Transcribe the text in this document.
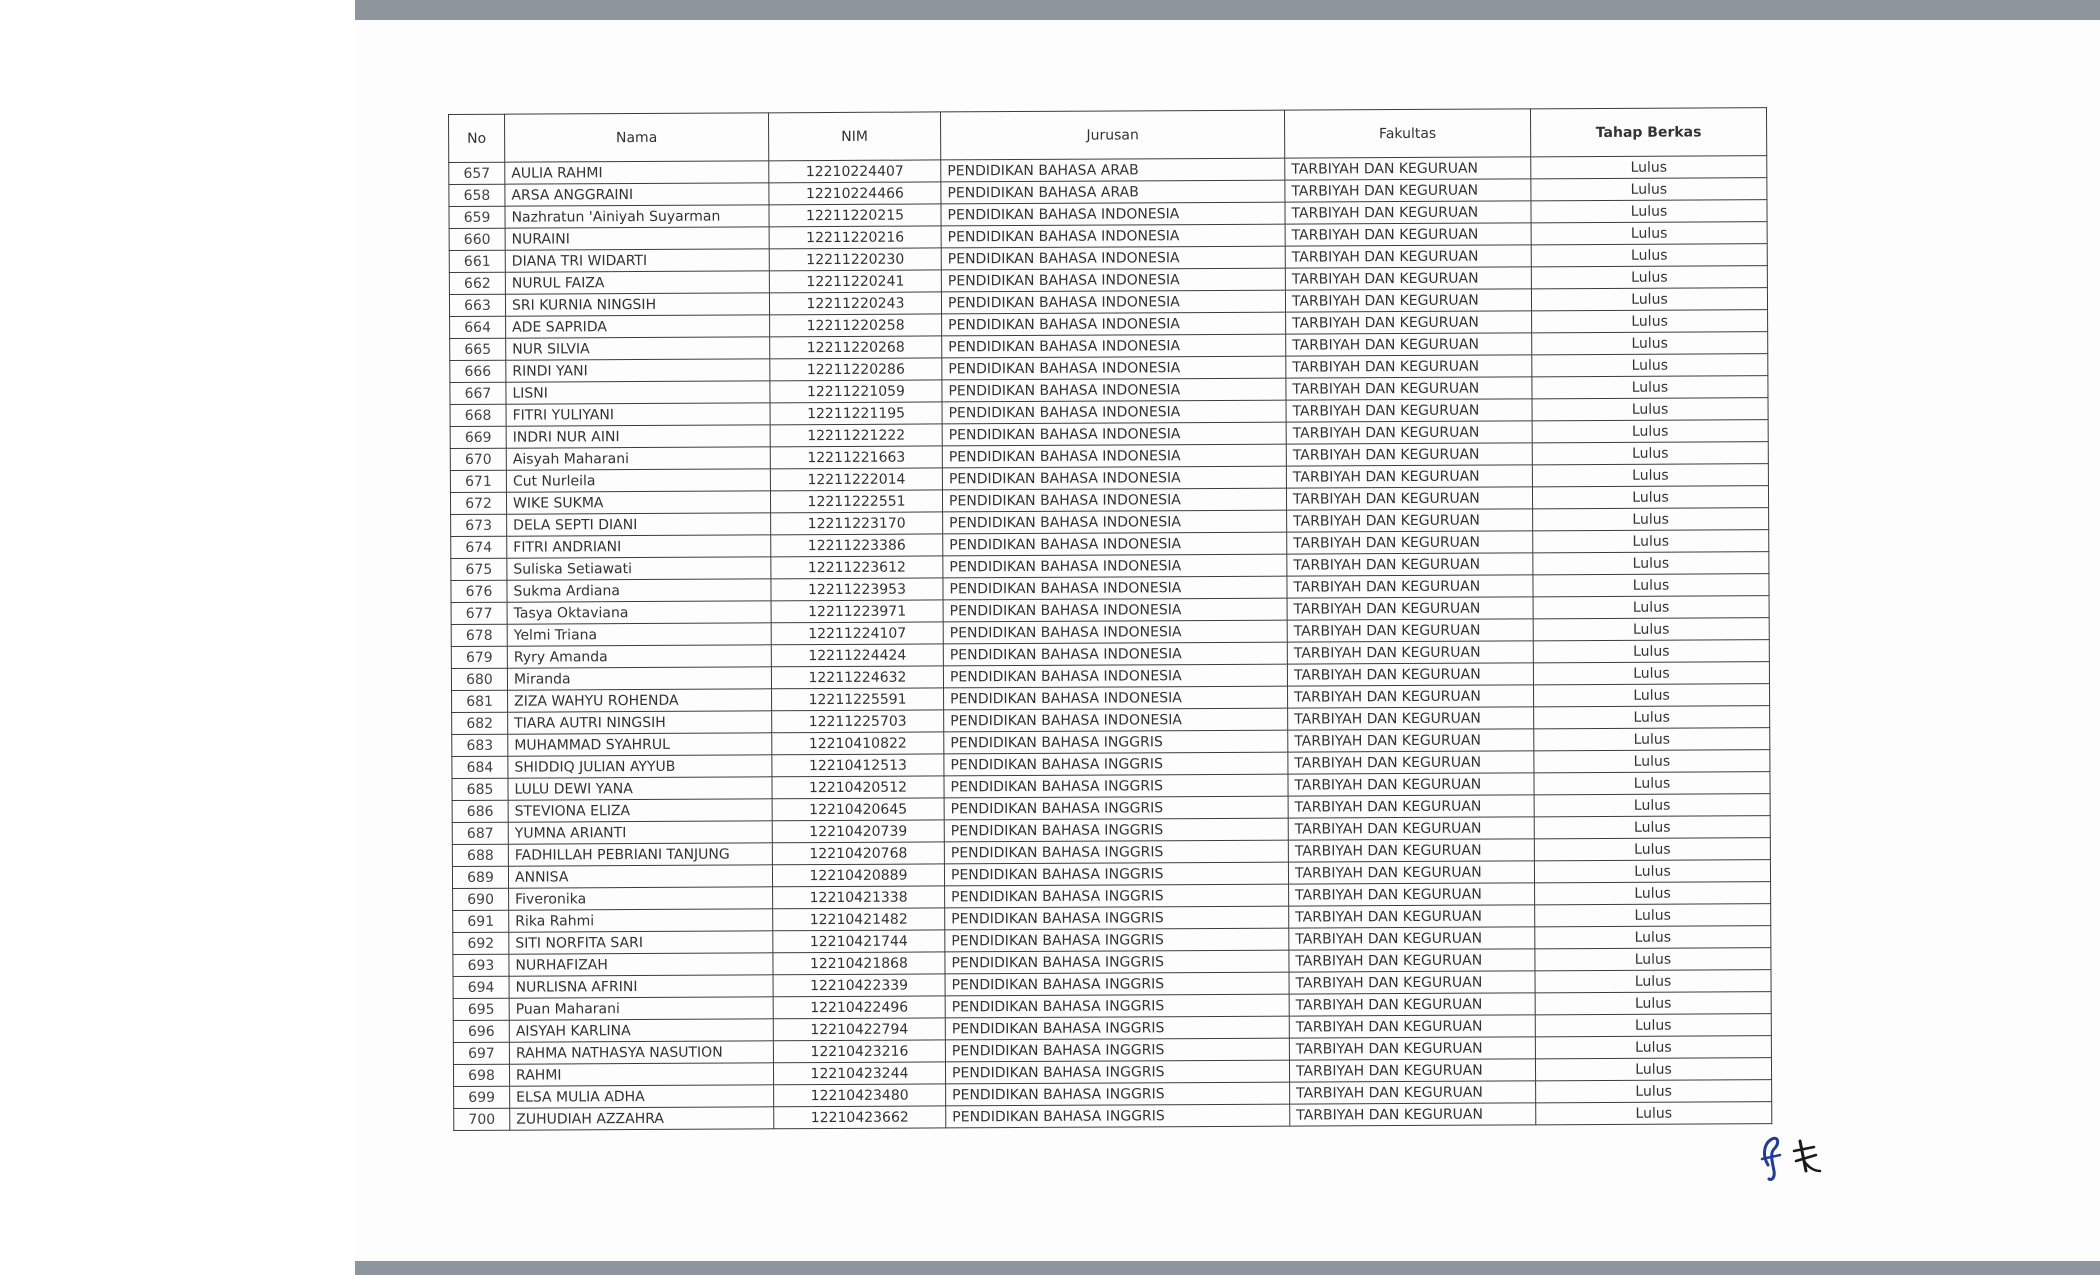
No	Nama	NIM	Jurusan	Fakultas	Tahap Berkas
657	AULIA RAHMI	12210224407	PENDIDIKAN BAHASA ARAB	TARBIYAH DAN KEGURUAN	Lulus
658	ARSA ANGGRAINI	12210224466	PENDIDIKAN BAHASA ARAB	TARBIYAH DAN KEGURUAN	Lulus
659	Nazhratun 'Ainiyah Suyarman	12211220215	PENDIDIKAN BAHASA INDONESIA	TARBIYAH DAN KEGURUAN	Lulus
660	NURAINI	12211220216	PENDIDIKAN BAHASA INDONESIA	TARBIYAH DAN KEGURUAN	Lulus
661	DIANA TRI WIDARTI	12211220230	PENDIDIKAN BAHASA INDONESIA	TARBIYAH DAN KEGURUAN	Lulus
662	NURUL FAIZA	12211220241	PENDIDIKAN BAHASA INDONESIA	TARBIYAH DAN KEGURUAN	Lulus
663	SRI KURNIA NINGSIH	12211220243	PENDIDIKAN BAHASA INDONESIA	TARBIYAH DAN KEGURUAN	Lulus
664	ADE SAPRIDA	12211220258	PENDIDIKAN BAHASA INDONESIA	TARBIYAH DAN KEGURUAN	Lulus
665	NUR SILVIA	12211220268	PENDIDIKAN BAHASA INDONESIA	TARBIYAH DAN KEGURUAN	Lulus
666	RINDI YANI	12211220286	PENDIDIKAN BAHASA INDONESIA	TARBIYAH DAN KEGURUAN	Lulus
667	LISNI	12211221059	PENDIDIKAN BAHASA INDONESIA	TARBIYAH DAN KEGURUAN	Lulus
668	FITRI YULIYANI	12211221195	PENDIDIKAN BAHASA INDONESIA	TARBIYAH DAN KEGURUAN	Lulus
669	INDRI NUR AINI	12211221222	PENDIDIKAN BAHASA INDONESIA	TARBIYAH DAN KEGURUAN	Lulus
670	Aisyah Maharani	12211221663	PENDIDIKAN BAHASA INDONESIA	TARBIYAH DAN KEGURUAN	Lulus
671	Cut Nurleila	12211222014	PENDIDIKAN BAHASA INDONESIA	TARBIYAH DAN KEGURUAN	Lulus
672	WIKE SUKMA	12211222551	PENDIDIKAN BAHASA INDONESIA	TARBIYAH DAN KEGURUAN	Lulus
673	DELA SEPTI DIANI	12211223170	PENDIDIKAN BAHASA INDONESIA	TARBIYAH DAN KEGURUAN	Lulus
674	FITRI ANDRIANI	12211223386	PENDIDIKAN BAHASA INDONESIA	TARBIYAH DAN KEGURUAN	Lulus
675	Suliska Setiawati	12211223612	PENDIDIKAN BAHASA INDONESIA	TARBIYAH DAN KEGURUAN	Lulus
676	Sukma Ardiana	12211223953	PENDIDIKAN BAHASA INDONESIA	TARBIYAH DAN KEGURUAN	Lulus
677	Tasya Oktaviana	12211223971	PENDIDIKAN BAHASA INDONESIA	TARBIYAH DAN KEGURUAN	Lulus
678	Yelmi Triana	12211224107	PENDIDIKAN BAHASA INDONESIA	TARBIYAH DAN KEGURUAN	Lulus
679	Ryry Amanda	12211224424	PENDIDIKAN BAHASA INDONESIA	TARBIYAH DAN KEGURUAN	Lulus
680	Miranda	12211224632	PENDIDIKAN BAHASA INDONESIA	TARBIYAH DAN KEGURUAN	Lulus
681	ZIZA WAHYU ROHENDA	12211225591	PENDIDIKAN BAHASA INDONESIA	TARBIYAH DAN KEGURUAN	Lulus
682	TIARA AUTRI NINGSIH	12211225703	PENDIDIKAN BAHASA INDONESIA	TARBIYAH DAN KEGURUAN	Lulus
683	MUHAMMAD SYAHRUL	12210410822	PENDIDIKAN BAHASA INGGRIS	TARBIYAH DAN KEGURUAN	Lulus
684	SHIDDIQ JULIAN AYYUB	12210412513	PENDIDIKAN BAHASA INGGRIS	TARBIYAH DAN KEGURUAN	Lulus
685	LULU DEWI YANA	12210420512	PENDIDIKAN BAHASA INGGRIS	TARBIYAH DAN KEGURUAN	Lulus
686	STEVIONA ELIZA	12210420645	PENDIDIKAN BAHASA INGGRIS	TARBIYAH DAN KEGURUAN	Lulus
687	YUMNA ARIANTI	12210420739	PENDIDIKAN BAHASA INGGRIS	TARBIYAH DAN KEGURUAN	Lulus
688	FADHILLAH PEBRIANI TANJUNG	12210420768	PENDIDIKAN BAHASA INGGRIS	TARBIYAH DAN KEGURUAN	Lulus
689	ANNISA	12210420889	PENDIDIKAN BAHASA INGGRIS	TARBIYAH DAN KEGURUAN	Lulus
690	Fiveronika	12210421338	PENDIDIKAN BAHASA INGGRIS	TARBIYAH DAN KEGURUAN	Lulus
691	Rika Rahmi	12210421482	PENDIDIKAN BAHASA INGGRIS	TARBIYAH DAN KEGURUAN	Lulus
692	SITI NORFITA SARI	12210421744	PENDIDIKAN BAHASA INGGRIS	TARBIYAH DAN KEGURUAN	Lulus
693	NURHAFIZAH	12210421868	PENDIDIKAN BAHASA INGGRIS	TARBIYAH DAN KEGURUAN	Lulus
694	NURLISNA AFRINI	12210422339	PENDIDIKAN BAHASA INGGRIS	TARBIYAH DAN KEGURUAN	Lulus
695	Puan Maharani	12210422496	PENDIDIKAN BAHASA INGGRIS	TARBIYAH DAN KEGURUAN	Lulus
696	AISYAH KARLINA	12210422794	PENDIDIKAN BAHASA INGGRIS	TARBIYAH DAN KEGURUAN	Lulus
697	RAHMA NATHASYA NASUTION	12210423216	PENDIDIKAN BAHASA INGGRIS	TARBIYAH DAN KEGURUAN	Lulus
698	RAHMI	12210423244	PENDIDIKAN BAHASA INGGRIS	TARBIYAH DAN KEGURUAN	Lulus
699	ELSA MULIA ADHA	12210423480	PENDIDIKAN BAHASA INGGRIS	TARBIYAH DAN KEGURUAN	Lulus
700	ZUHUDIAH AZZAHRA	12210423662	PENDIDIKAN BAHASA INGGRIS	TARBIYAH DAN KEGURUAN	Lulus
